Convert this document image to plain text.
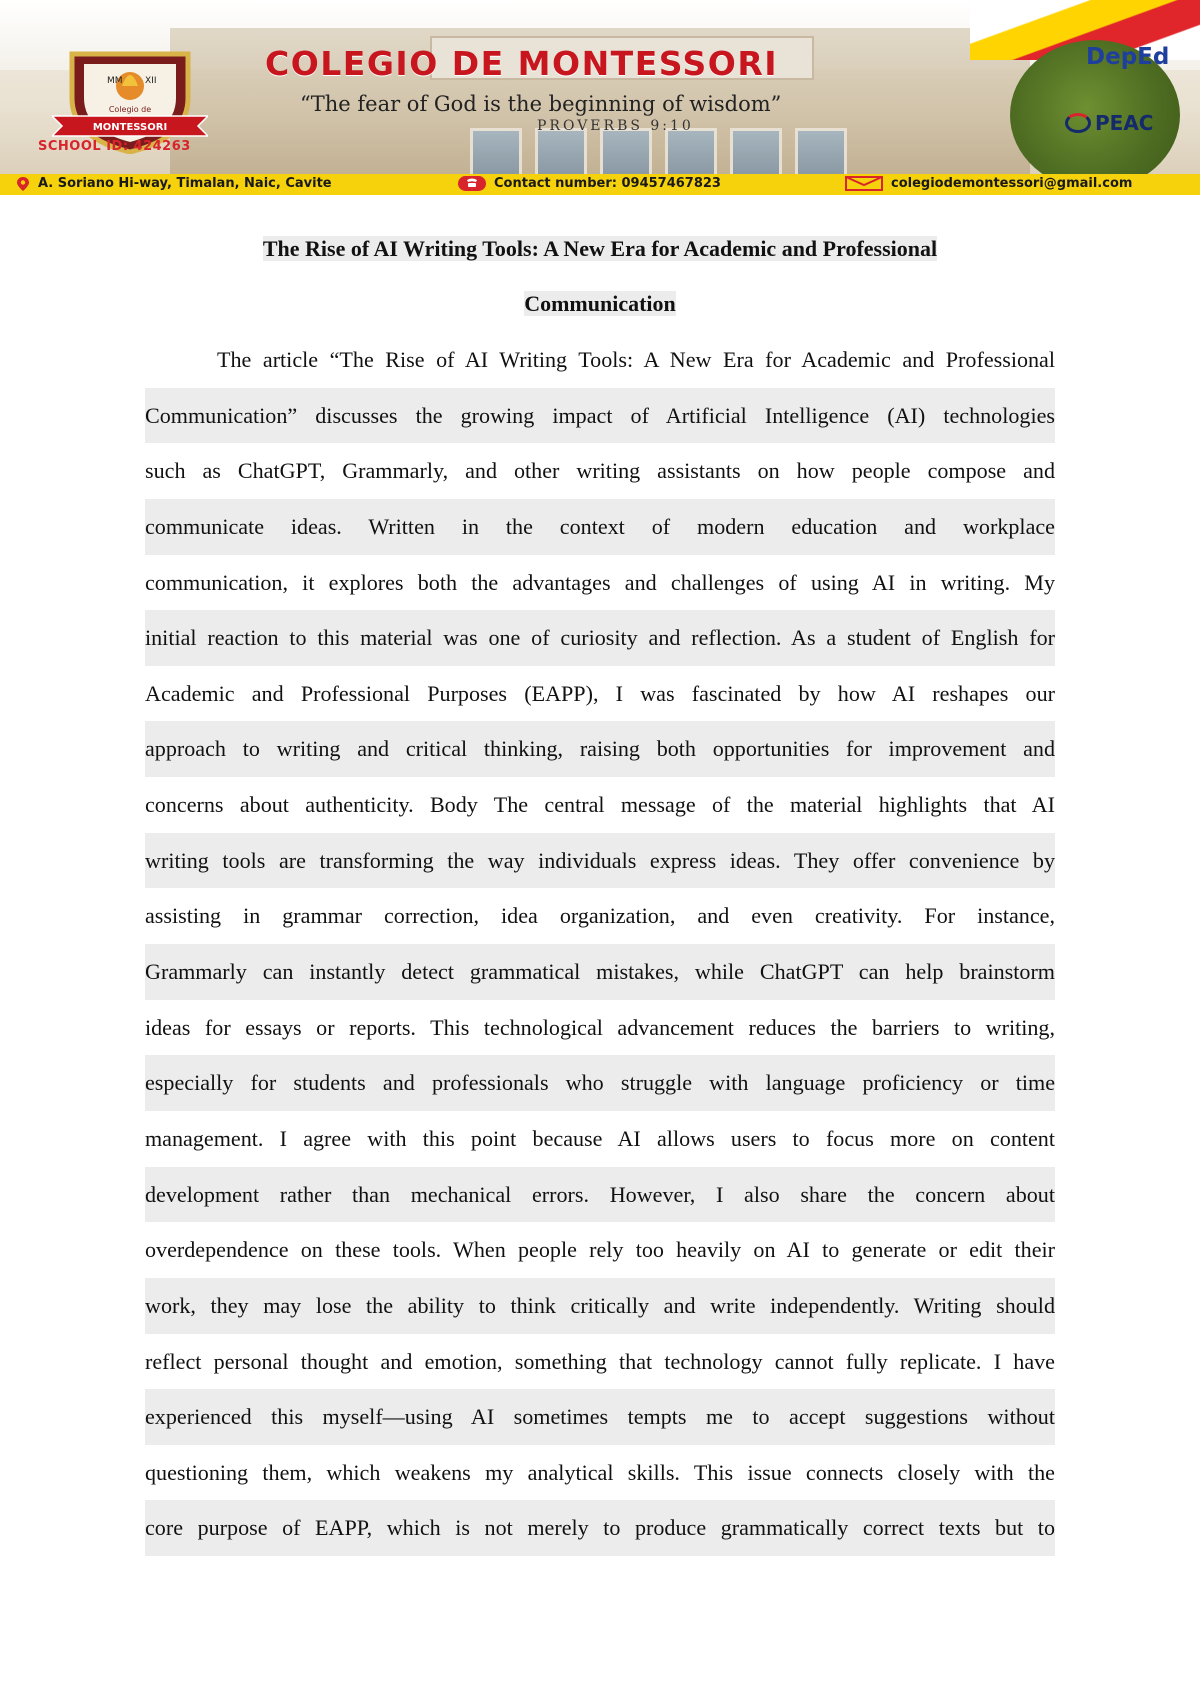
MM XII
Colegio de
MONTESSORI
SCHOOL ID: 424263
COLEGIO DE MONTESSORI
“The fear of God is the beginning of wisdom”
PROVERBS 9:10
DepEd
PEAC
A. Soriano Hi-way, Timalan, Naic, Cavite	Contact number: 09457467823	colegiodemontessori@gmail.com
The Rise of AI Writing Tools: A New Era for Academic and Professional
Communication
The article “The Rise of AI Writing Tools: A New Era for Academic and Professional
Communication” discusses the growing impact of Artificial Intelligence (AI) technologies
such as ChatGPT, Grammarly, and other writing assistants on how people compose and
communicate ideas. Written in the context of modern education and workplace
communication, it explores both the advantages and challenges of using AI in writing. My
initial reaction to this material was one of curiosity and reflection. As a student of English for
Academic and Professional Purposes (EAPP), I was fascinated by how AI reshapes our
approach to writing and critical thinking, raising both opportunities for improvement and
concerns about authenticity. Body The central message of the material highlights that AI
writing tools are transforming the way individuals express ideas. They offer convenience by
assisting in grammar correction, idea organization, and even creativity. For instance,
Grammarly can instantly detect grammatical mistakes, while ChatGPT can help brainstorm
ideas for essays or reports. This technological advancement reduces the barriers to writing,
especially for students and professionals who struggle with language proficiency or time
management. I agree with this point because AI allows users to focus more on content
development rather than mechanical errors. However, I also share the concern about
overdependence on these tools. When people rely too heavily on AI to generate or edit their
work, they may lose the ability to think critically and write independently. Writing should
reflect personal thought and emotion, something that technology cannot fully replicate. I have
experienced this myself—using AI sometimes tempts me to accept suggestions without
questioning them, which weakens my analytical skills. This issue connects closely with the
core purpose of EAPP, which is not merely to produce grammatically correct texts but to
